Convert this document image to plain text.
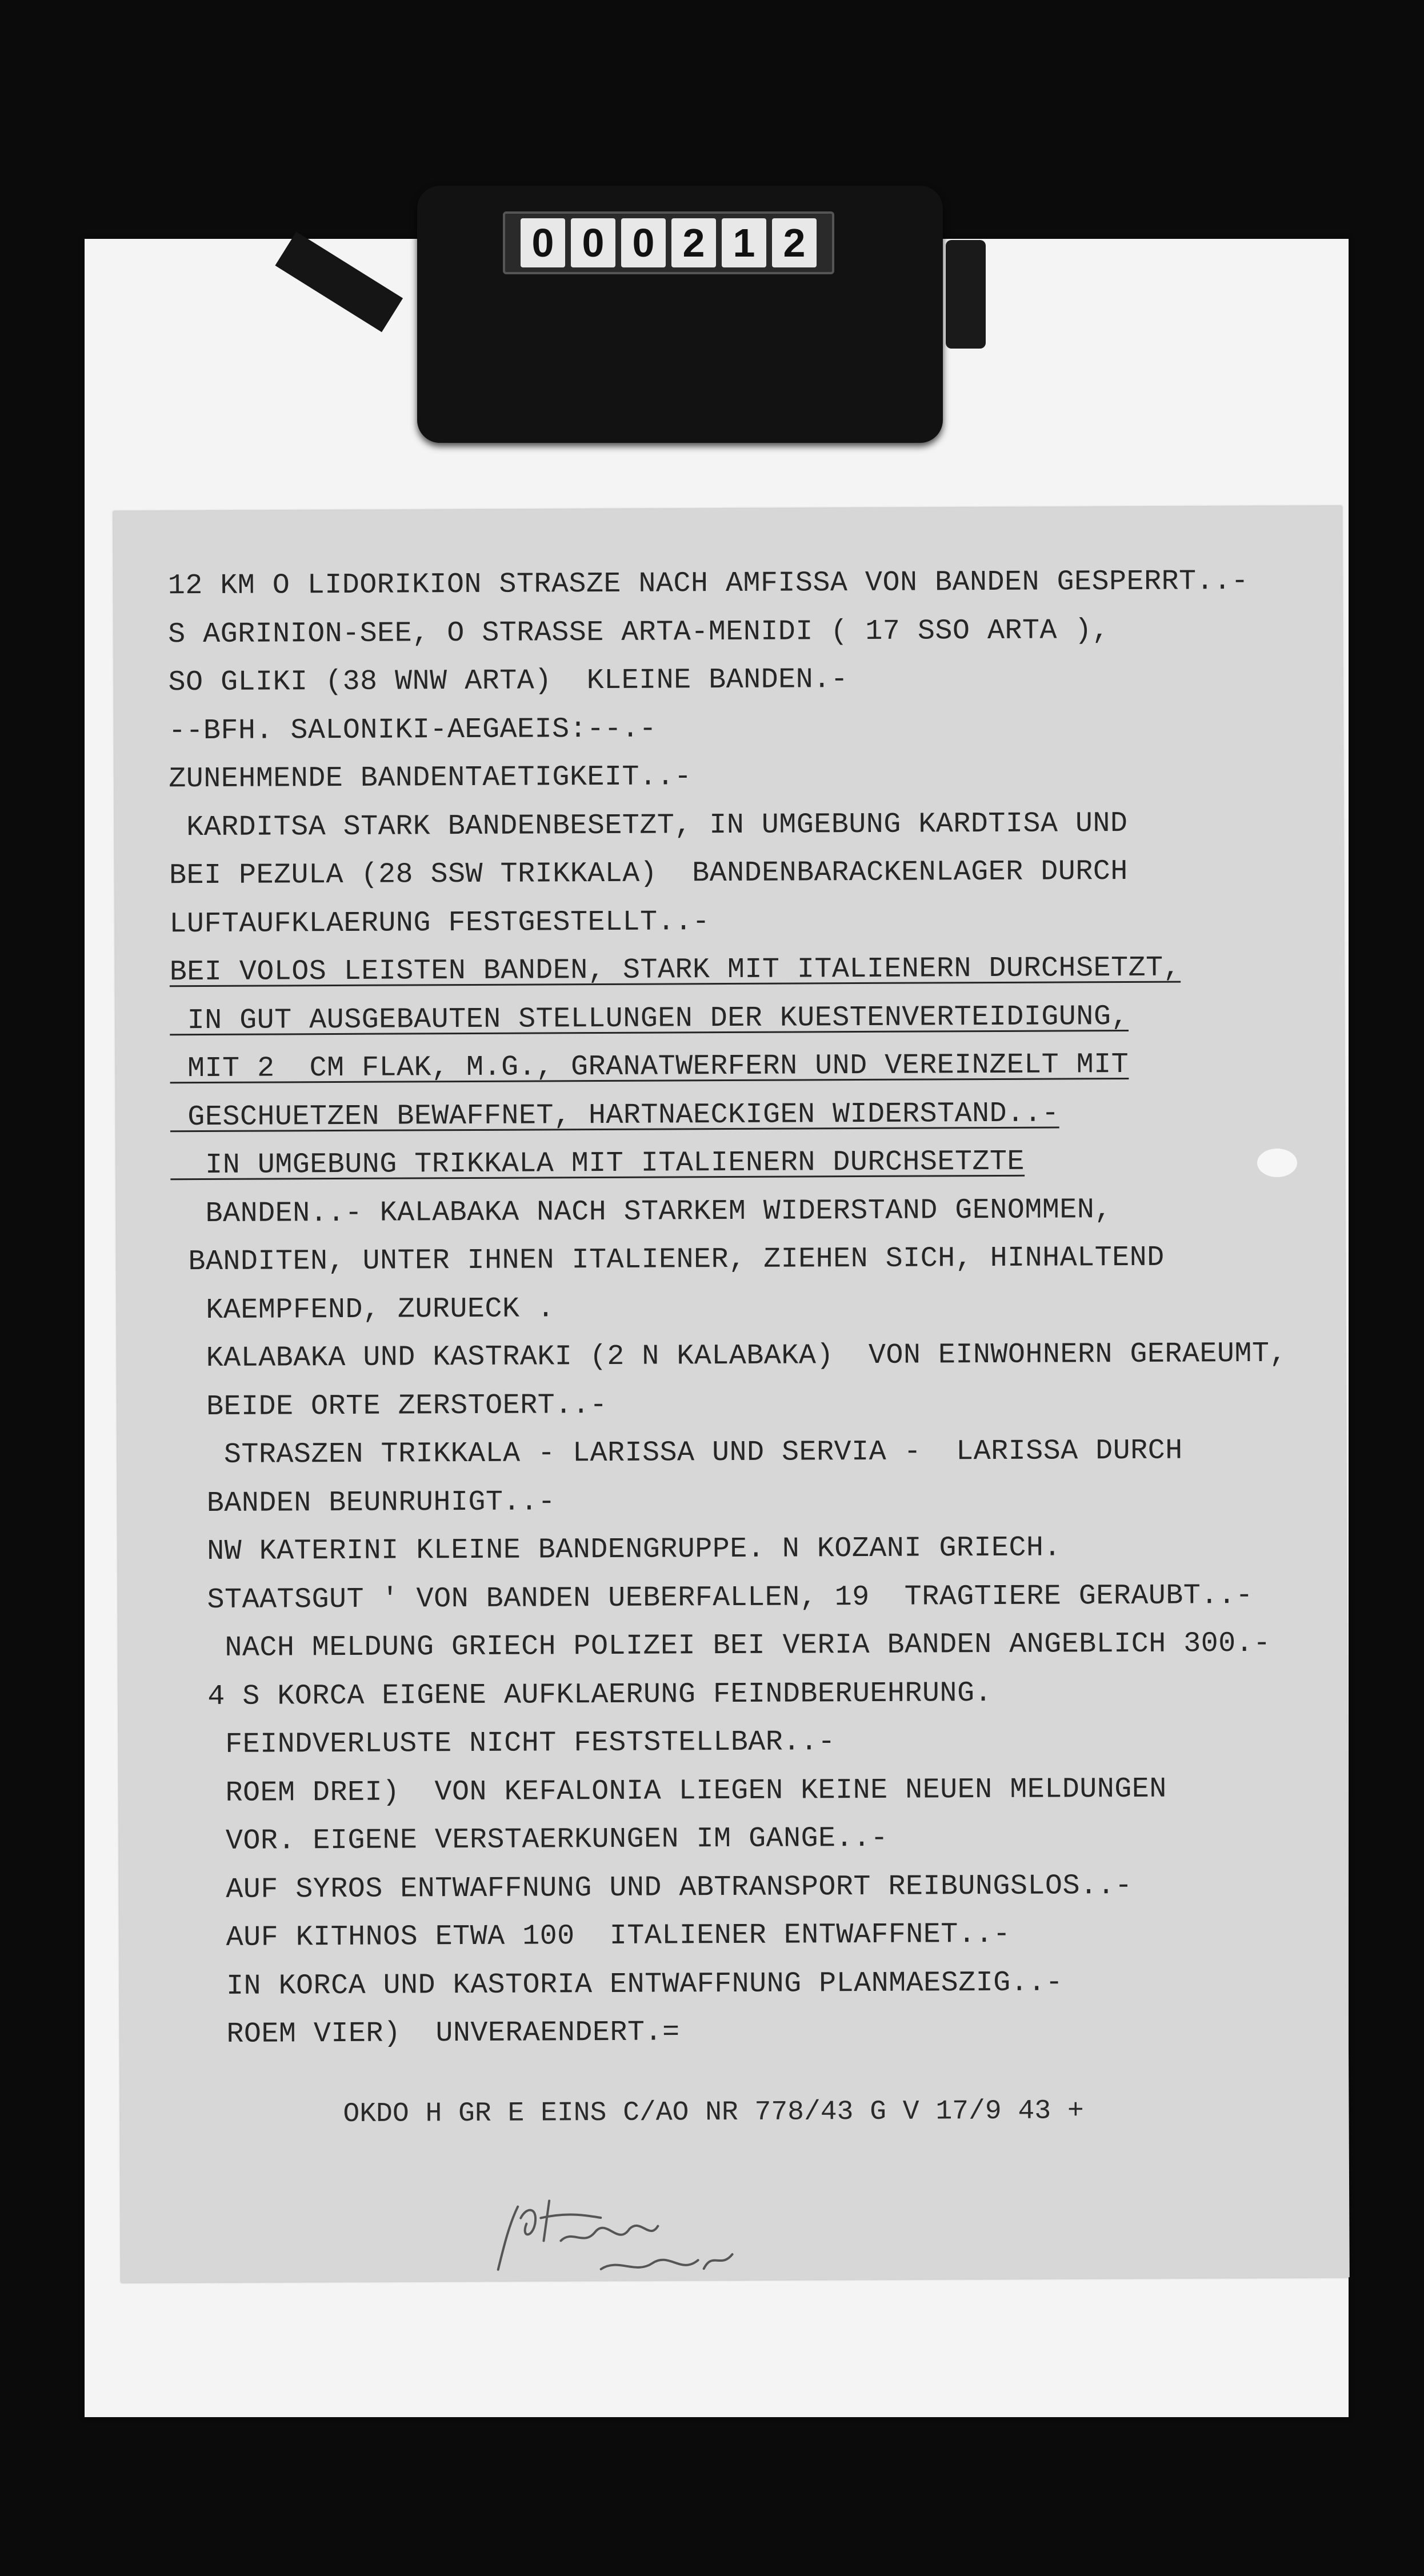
0 0 0 2 1 2
12 KM O LIDORIKION STRASZE NACH AMFISSA VON BANDEN GESPERRT..-
S AGRINION-SEE, O STRASSE ARTA-MENIDI ( 17 SSO ARTA ),
SO GLIKI (38 WNW ARTA)  KLEINE BANDEN.-
--BFH. SALONIKI-AEGAEIS:--.-
ZUNEHMENDE BANDENTAETIGKEIT..-
KARDITSA STARK BANDENBESETZT, IN UMGEBUNG KARDTISA UND
BEI PEZULA (28 SSW TRIKKALA)  BANDENBARACKENLAGER DURCH
LUFTAUFKLAERUNG FESTGESTELLT..-
BEI VOLOS LEISTEN BANDEN, STARK MIT ITALIENERN DURCHSETZT,
IN GUT AUSGEBAUTEN STELLUNGEN DER KUESTENVERTEIDIGUNG,
MIT 2  CM FLAK, M.G., GRANATWERFERN UND VEREINZELT MIT
GESCHUETZEN BEWAFFNET, HARTNAECKIGEN WIDERSTAND..-
IN UMGEBUNG TRIKKALA MIT ITALIENERN DURCHSETZTE
BANDEN..- KALABAKA NACH STARKEM WIDERSTAND GENOMMEN,
BANDITEN, UNTER IHNEN ITALIENER, ZIEHEN SICH, HINHALTEND
KAEMPFEND, ZURUECK .
KALABAKA UND KASTRAKI (2 N KALABAKA)  VON EINWOHNERN GERAEUMT,
BEIDE ORTE ZERSTOERT..-
STRASZEN TRIKKALA - LARISSA UND SERVIA -  LARISSA DURCH
BANDEN BEUNRUHIGT..-
NW KATERINI KLEINE BANDENGRUPPE. N KOZANI GRIECH.
STAATSGUT ' VON BANDEN UEBERFALLEN, 19  TRAGTIERE GERAUBT..-
NACH MELDUNG GRIECH POLIZEI BEI VERIA BANDEN ANGEBLICH 300.-
4 S KORCA EIGENE AUFKLAERUNG FEINDBERUEHRUNG.
FEINDVERLUSTE NICHT FESTSTELLBAR..-
ROEM DREI)  VON KEFALONIA LIEGEN KEINE NEUEN MELDUNGEN
VOR. EIGENE VERSTAERKUNGEN IM GANGE..-
AUF SYROS ENTWAFFNUNG UND ABTRANSPORT REIBUNGSLOS..-
AUF KITHNOS ETWA 100  ITALIENER ENTWAFFNET..-
IN KORCA UND KASTORIA ENTWAFFNUNG PLANMAESZIG..-
ROEM VIER)  UNVERAENDERT.=
OKDO H GR E EINS C/AO NR 778/43 G V 17/9 43 +
